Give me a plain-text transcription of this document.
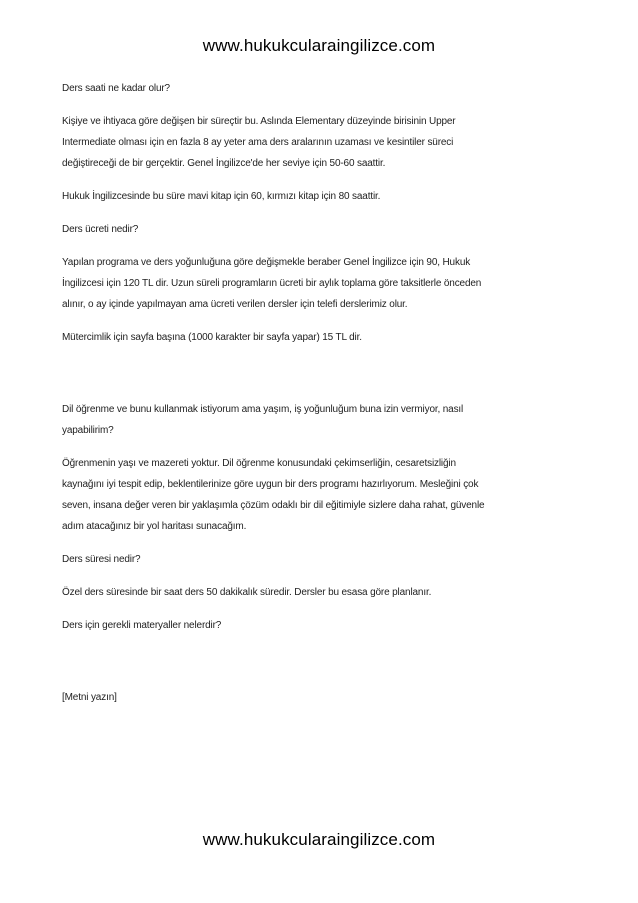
www.hukukcularaingilizce.com

Ders saati ne kadar olur?

Kişiye ve ihtiyaca göre değişen bir süreçtir bu. Aslında Elementary düzeyinde birisinin Upper
Intermediate olması için en fazla 8 ay yeter ama ders aralarının uzaması ve kesintiler süreci
değiştireceği de bir gerçektir. Genel İngilizce'de her seviye için 50-60 saattir.

Hukuk İngilizcesinde bu süre mavi kitap için 60, kırmızı kitap için 80 saattir.

Ders ücreti nedir?

Yapılan programa ve ders yoğunluğuna göre değişmekle beraber Genel İngilizce için 90, Hukuk
İngilizcesi için 120 TL dir. Uzun süreli programların ücreti bir aylık toplama göre taksitlerle önceden
alınır, o ay içinde yapılmayan ama ücreti verilen dersler için telefi derslerimiz olur.

Mütercimlik için sayfa başına (1000 karakter bir sayfa yapar) 15 TL dir.

Dil öğrenme ve bunu kullanmak istiyorum ama yaşım, iş yoğunluğum buna izin vermiyor, nasıl
yapabilirim?

Öğrenmenin yaşı ve mazereti yoktur. Dil öğrenme konusundaki çekimserliğin, cesaretsizliğin
kaynağını iyi tespit edip, beklentilerinize göre uygun bir ders programı hazırlıyorum. Mesleğini çok
seven, insana değer veren bir yaklaşımla çözüm odaklı bir dil eğitimiyle sizlere daha rahat, güvenle
adım atacağınız bir yol haritası sunacağım.

Ders süresi nedir?

Özel ders süresinde bir saat ders 50 dakikalık süredir. Dersler bu esasa göre planlanır.

Ders için gerekli materyaller nelerdir?

[Metni yazın]

www.hukukcularaingilizce.com
